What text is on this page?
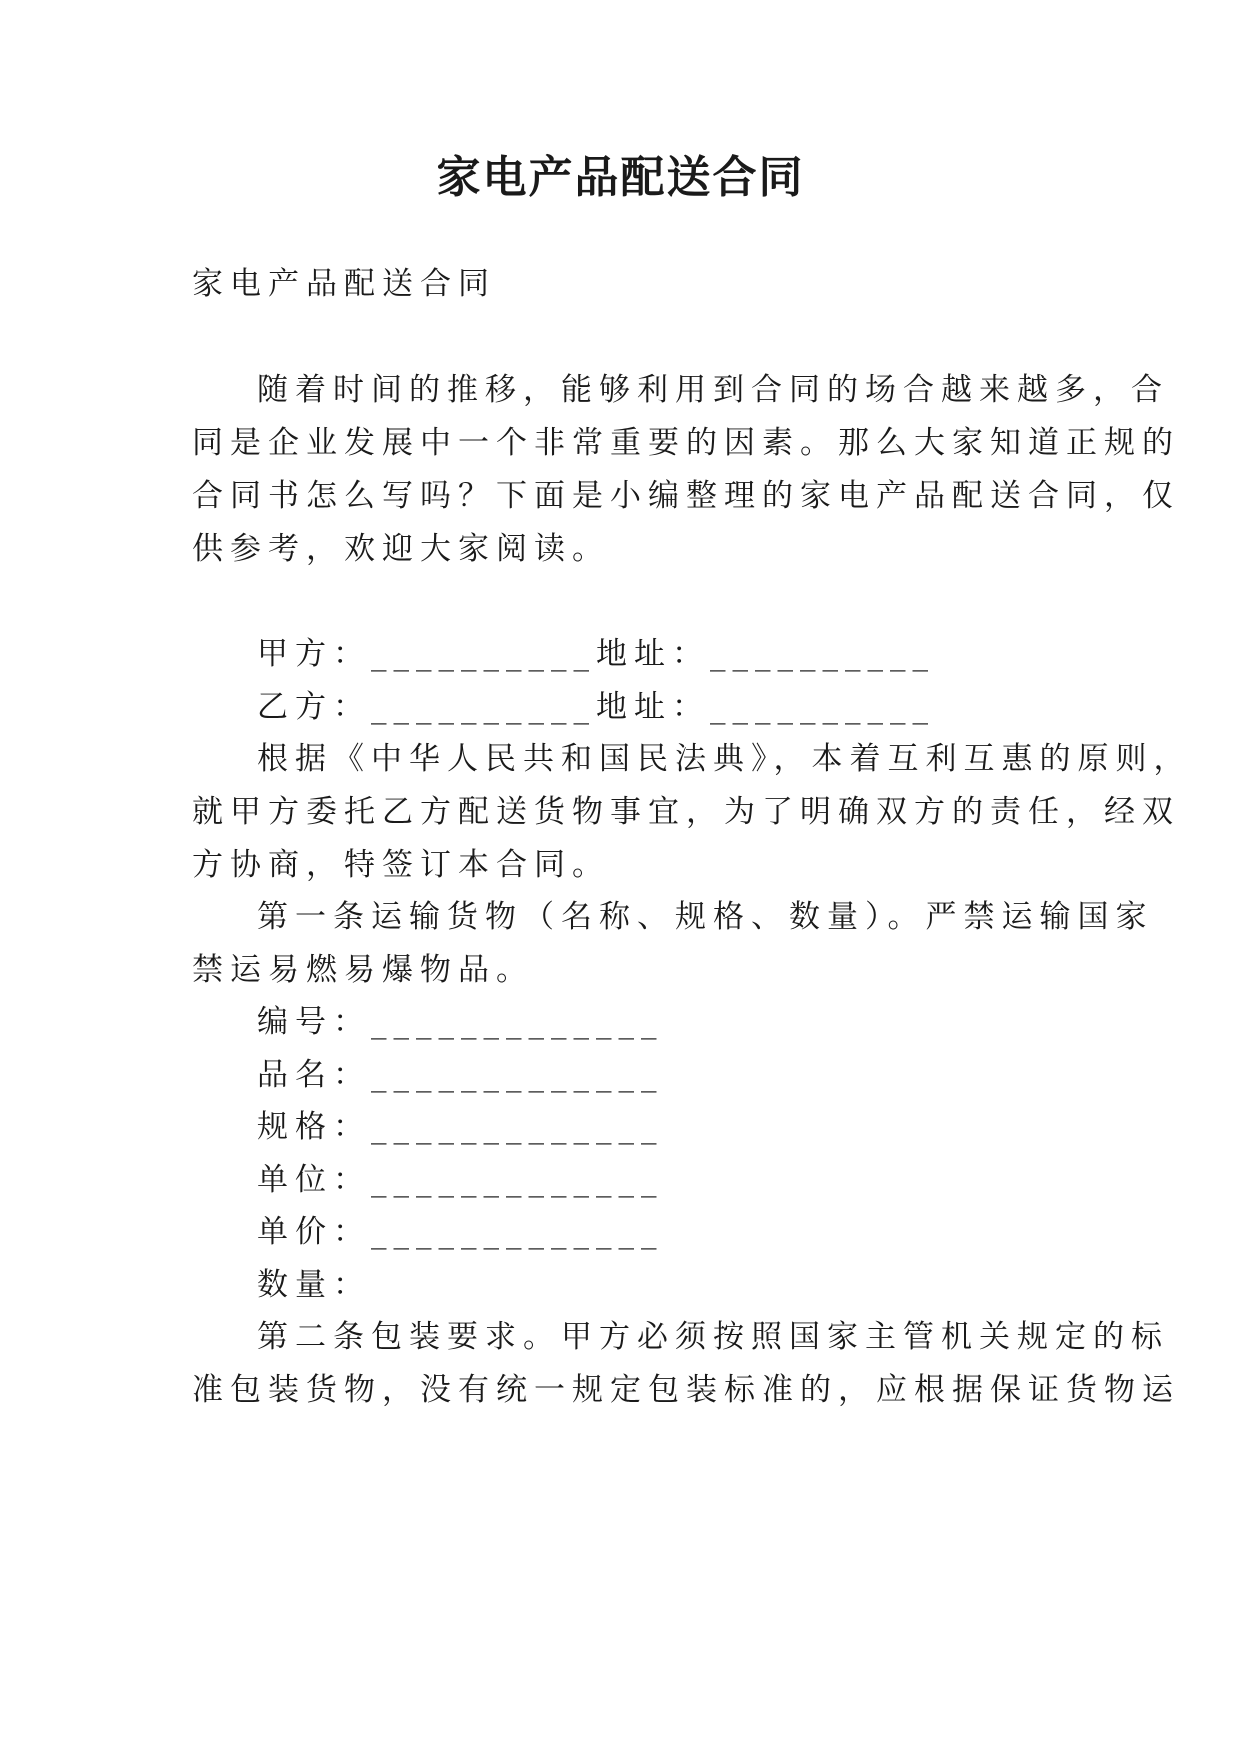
家电产品配送合同
家电产品配送合同
随着时间的推移，能够利用到合同的场合越来越多，合
同是企业发展中一个非常重要的因素。那么大家知道正规的
合同书怎么写吗？下面是小编整理的家电产品配送合同，仅
供参考，欢迎大家阅读。
甲方：__________地址：__________
乙方：__________地址：__________
根据《中华人民共和国民法典》，本着互利互惠的原则，
就甲方委托乙方配送货物事宜，为了明确双方的责任，经双
方协商，特签订本合同。
第一条运输货物（名称、规格、数量）。严禁运输国家
禁运易燃易爆物品。
编号：_____________
品名：_____________
规格：_____________
单位：_____________
单价：_____________
数量：
第二条包装要求。甲方必须按照国家主管机关规定的标
准包装货物，没有统一规定包装标准的，应根据保证货物运
